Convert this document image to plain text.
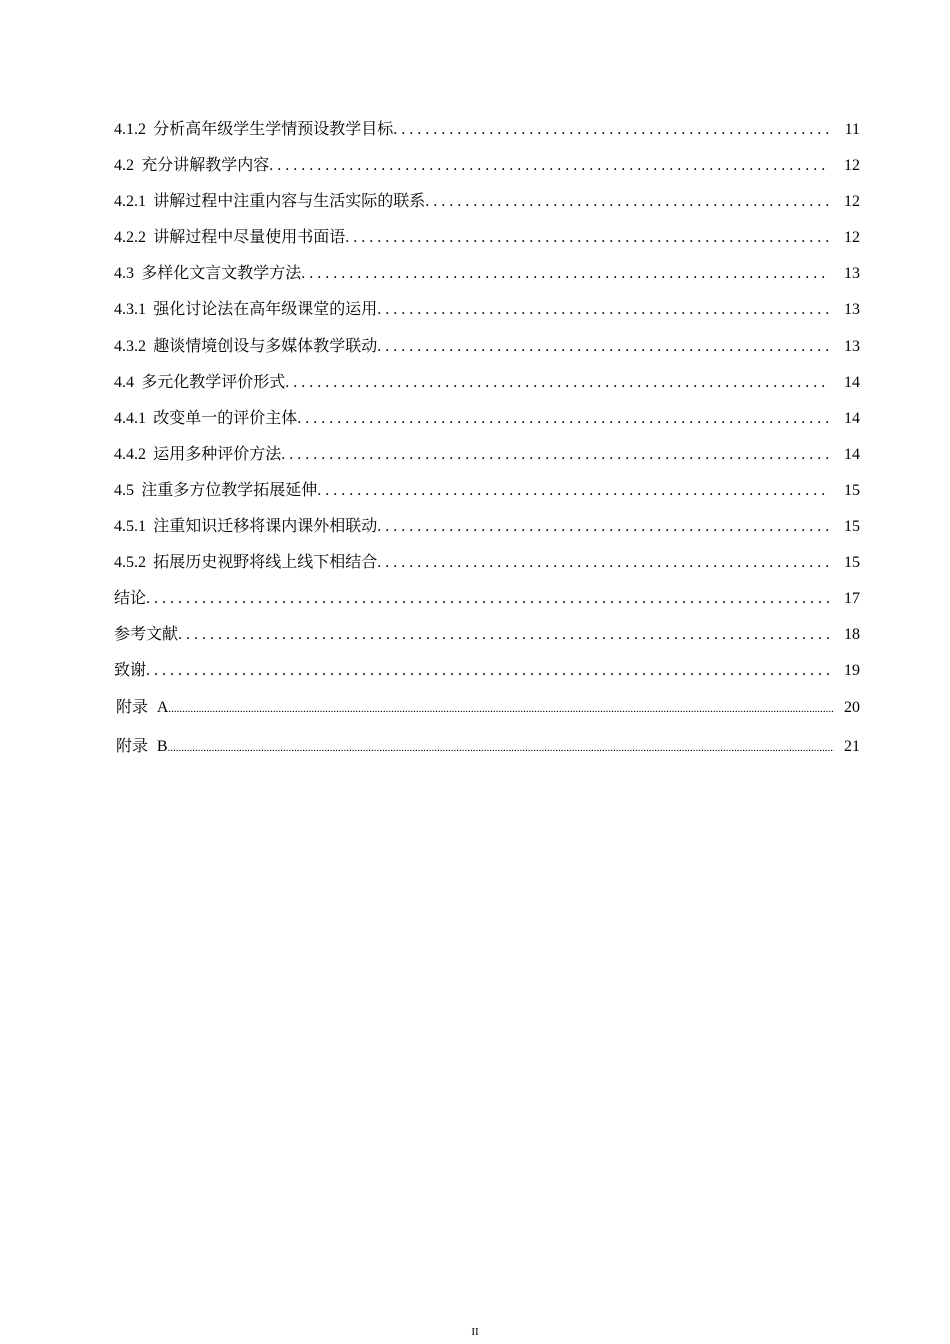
4.1.2 分析高年级学生学情预设教学目标 . . .	11
4.2 充分讲解教学内容 . . .	12
4.2.1 讲解过程中注重内容与生活实际的联系 . . .	12
4.2.2 讲解过程中尽量使用书面语 . . .	12
4.3 多样化文言文教学方法 . . .	13
4.3.1 强化讨论法在高年级课堂的运用 . . .	13
4.3.2 趣谈情境创设与多媒体教学联动 . . .	13
4.4 多元化教学评价形式 . . .	14
4.4.1 改变单一的评价主体 . . .	14
4.4.2 运用多种评价方法 . . .	14
4.5 注重多方位教学拓展延伸 . . .	15
4.5.1 注重知识迁移将课内课外相联动 . . .	15
4.5.2 拓展历史视野将线上线下相结合 . . .	15
结论 . . .	17
参考文献 . . .	18
致谢 . . .	19
附录 A .....	20
附录 B .....	21
II
